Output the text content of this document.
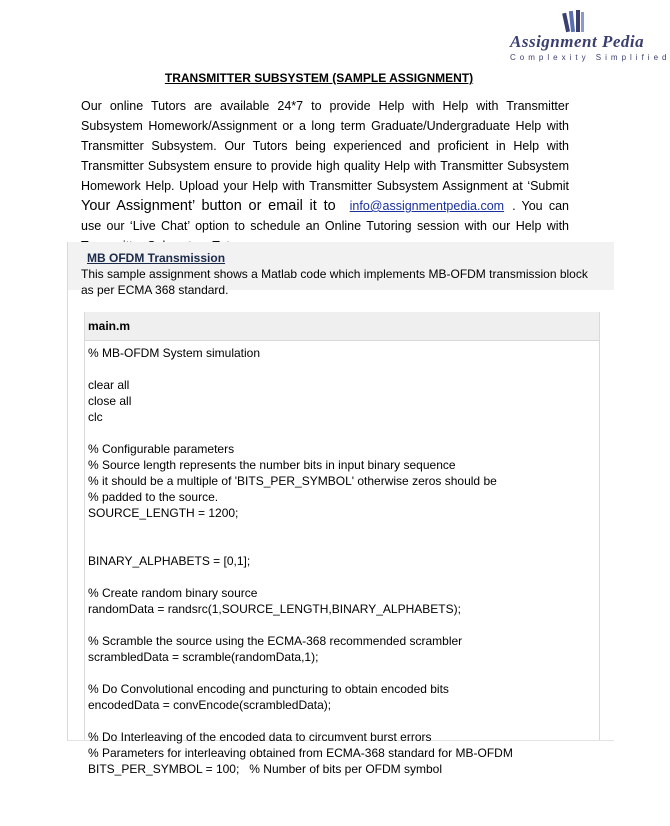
Assignment Pedia
Complexity Simplified
TRANSMITTER SUBSYSTEM (SAMPLE ASSIGNMENT)
Our online Tutors are available 24*7 to provide Help with Help with Transmitter Subsystem Homework/Assignment or a long term Graduate/Undergraduate Help with Transmitter Subsystem. Our Tutors being experienced and proficient in Help with Transmitter Subsystem ensure to provide high quality Help with Transmitter Subsystem Homework Help. Upload your Help with Transmitter Subsystem Assignment at ‘Submit Your Assignment’ button or email it to info@assignmentpedia.com . You can use our ‘Live Chat’ option to schedule an Online Tutoring session with our Help with
MB OFDM Transmission
This sample assignment shows a Matlab code which implements MB-OFDM transmission block as per ECMA 368 standard.
main.m
% MB-OFDM System simulation
clear all
close all
clc
% Configurable parameters
% Source length represents the number bits in input binary sequence
% it should be a multiple of 'BITS_PER_SYMBOL' otherwise zeros should be
% padded to the source.
SOURCE_LENGTH = 1200;
BINARY_ALPHABETS = [0,1];
% Create random binary source
randomData = randsrc(1,SOURCE_LENGTH,BINARY_ALPHABETS);
% Scramble the source using the ECMA-368 recommended scrambler
scrambledData = scramble(randomData,1);
% Do Convolutional encoding and puncturing to obtain encoded bits
encodedData = convEncode(scrambledData);
% Do Interleaving of the encoded data to circumvent burst errors
% Parameters for interleaving obtained from ECMA-368 standard for MB-OFDM
BITS_PER_SYMBOL = 100;   % Number of bits per OFDM symbol
